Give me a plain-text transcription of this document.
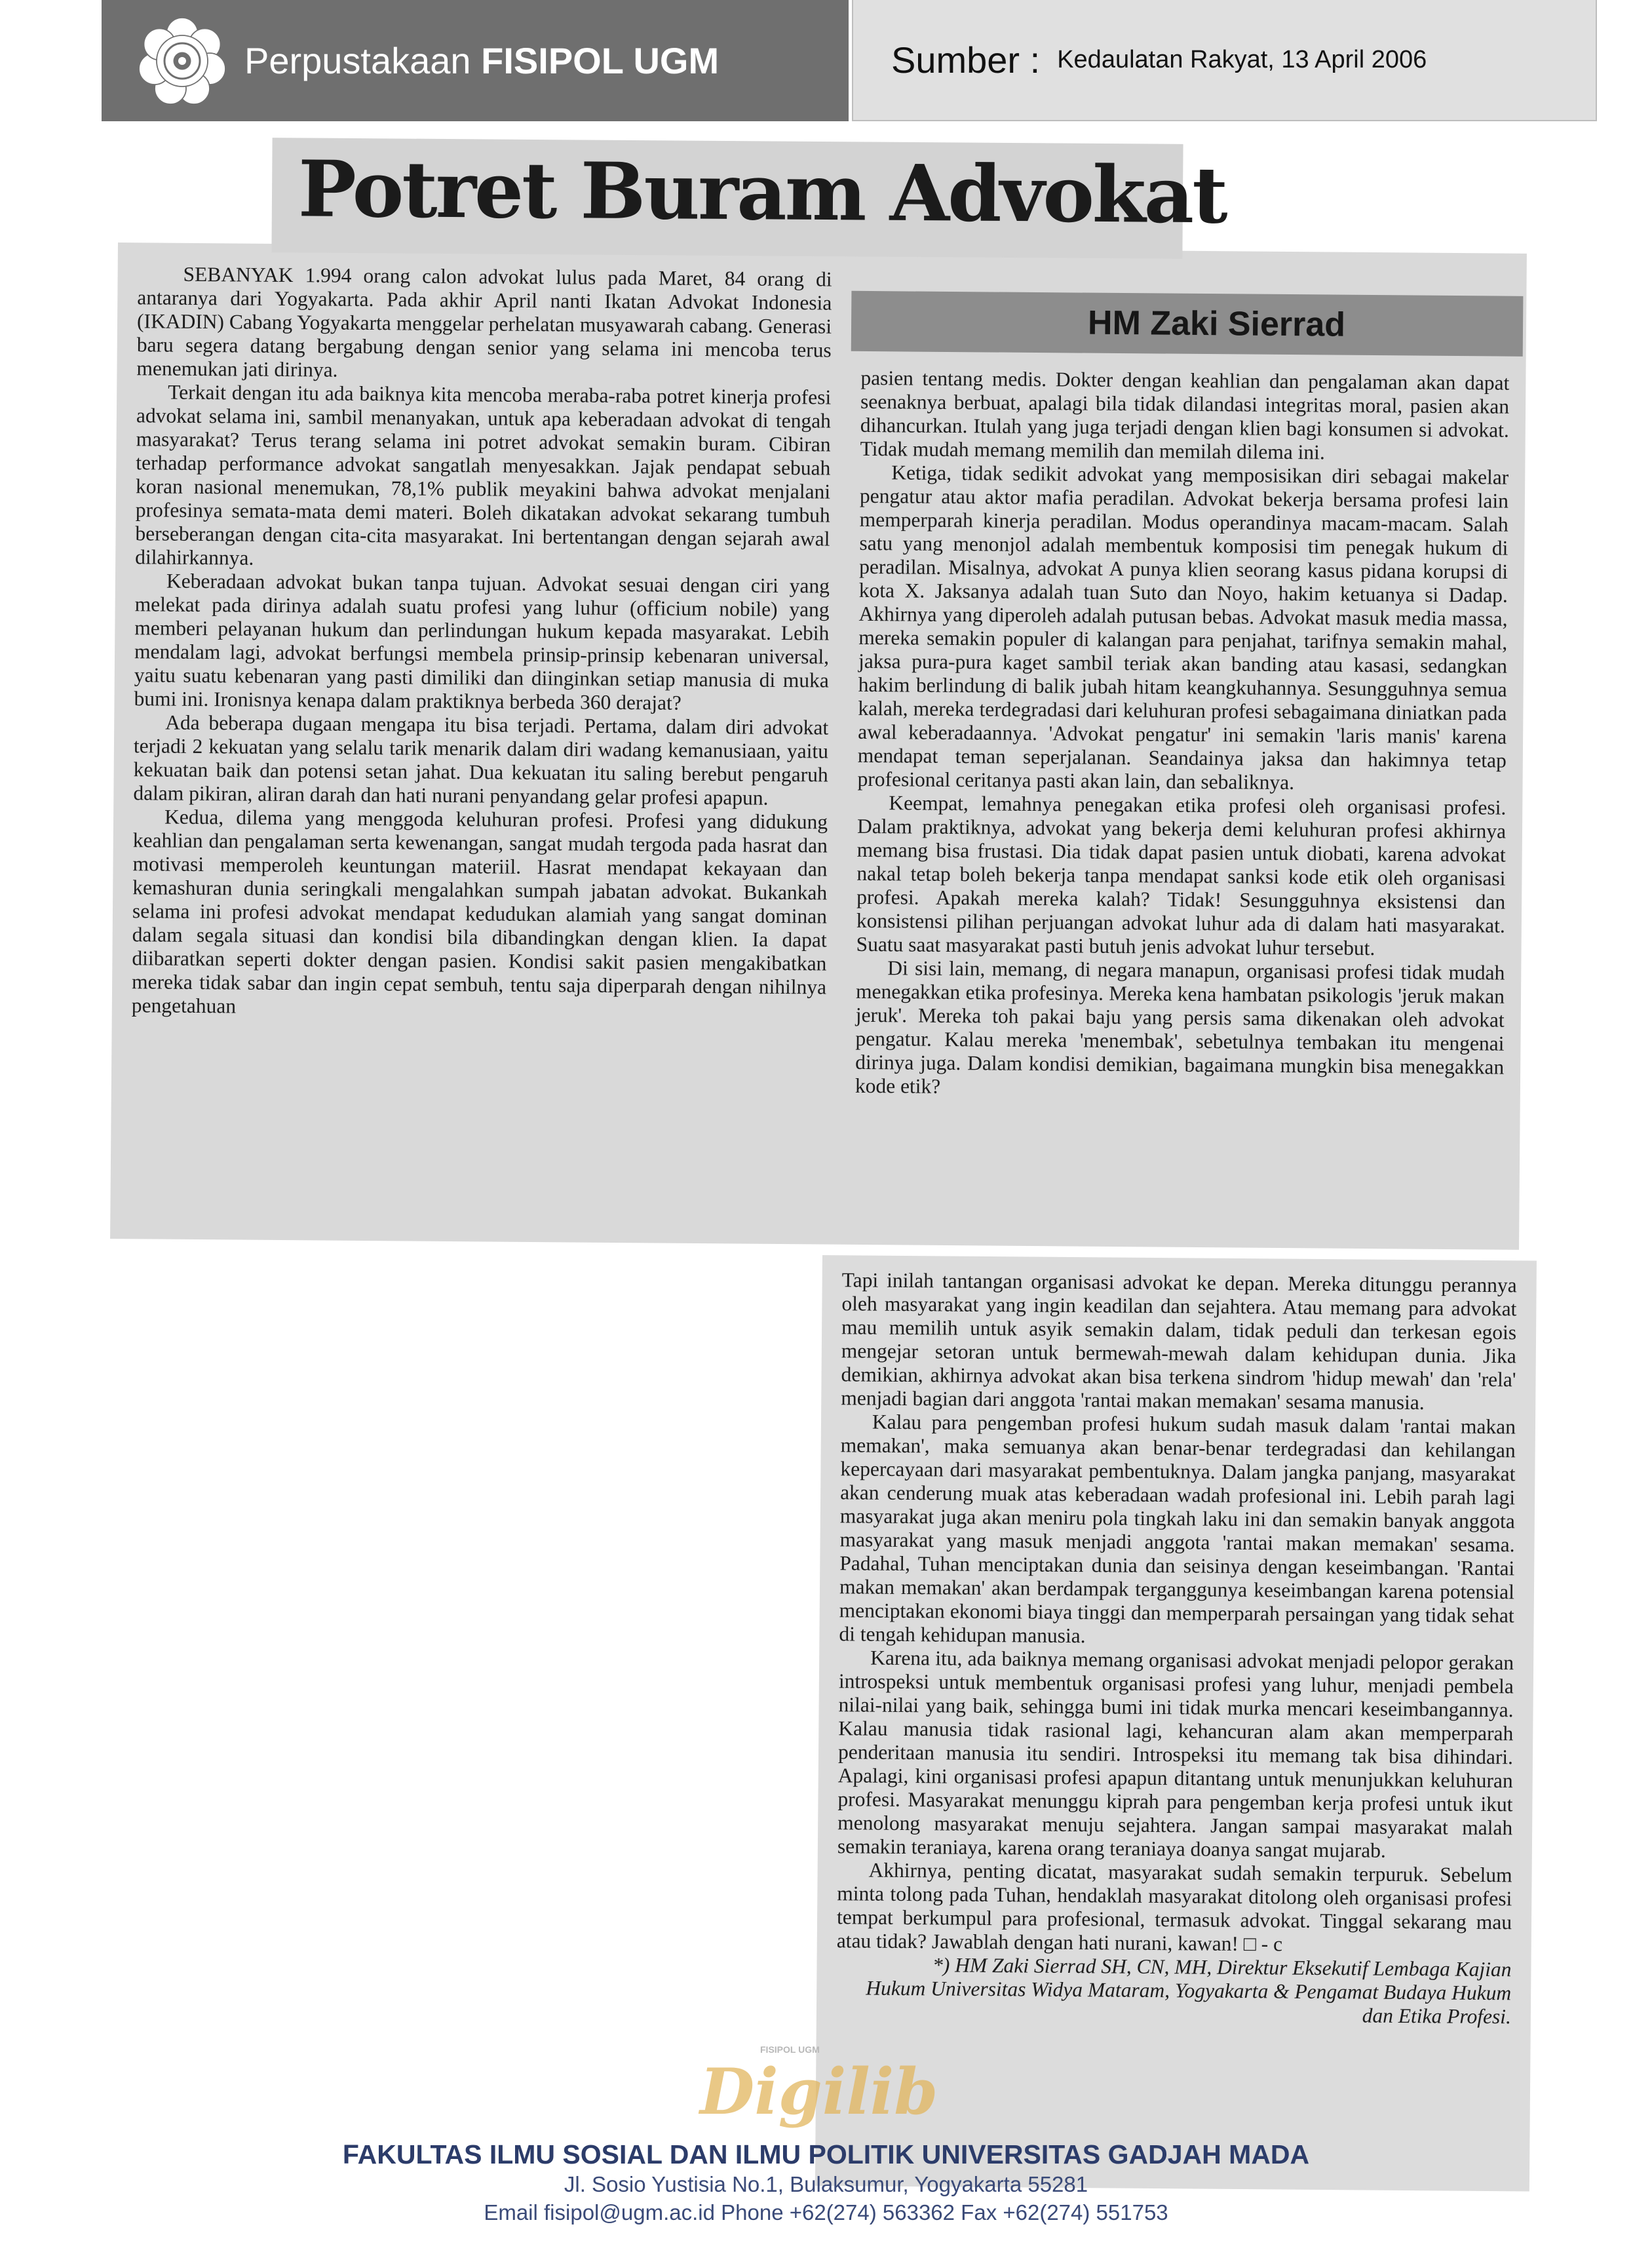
Perpustakaan FISIPOL UGM	Sumber : Kedaulatan Rakyat, 13 April 2006

SEBANYAK 1.994 orang calon advokat lulus pada Maret, 84 orang di antaranya dari Yogyakarta. Pada akhir April nanti Ikatan Advokat Indonesia (IKADIN) Cabang Yogyakarta menggelar perhelatan musyawarah cabang. Generasi baru segera datang bergabung dengan senior yang selama ini mencoba terus menemukan jati dirinya.

Terkait dengan itu ada baiknya kita mencoba meraba-raba potret kinerja profesi advokat selama ini, sambil menanyakan, untuk apa keberadaan advokat di tengah masyarakat? Terus terang selama ini potret advokat semakin buram. Cibiran terhadap performance advokat sangatlah menyesakkan. Jajak pendapat sebuah koran nasional menemukan, 78,1% publik meyakini bahwa advokat menjalani profesinya semata-mata demi materi. Boleh dikatakan advokat sekarang tumbuh berseberangan dengan cita-cita masyarakat. Ini bertentangan dengan sejarah awal dilahirkannya.

Keberadaan advokat bukan tanpa tujuan. Advokat sesuai dengan ciri yang melekat pada dirinya adalah suatu profesi yang luhur (officium nobile) yang memberi pelayanan hukum dan perlindungan hukum kepada masyarakat. Lebih mendalam lagi, advokat berfungsi membela prinsip-prinsip kebenaran universal, yaitu suatu kebenaran yang pasti dimiliki dan diinginkan setiap manusia di muka bumi ini. Ironisnya kenapa dalam praktiknya berbeda 360 derajat?

Ada beberapa dugaan mengapa itu bisa terjadi. Pertama, dalam diri advokat terjadi 2 kekuatan yang selalu tarik menarik dalam diri wadang kemanusiaan, yaitu kekuatan baik dan potensi setan jahat. Dua kekuatan itu saling berebut pengaruh dalam pikiran, aliran darah dan hati nurani penyandang gelar profesi apapun.

Kedua, dilema yang menggoda keluhuran profesi. Profesi yang didukung keahlian dan pengalaman serta kewenangan, sangat mudah tergoda pada hasrat dan motivasi memperoleh keuntungan materiil. Hasrat mendapat kekayaan dan kemashuran dunia seringkali mengalahkan sumpah jabatan advokat. Bukankah selama ini profesi advokat mendapat kedudukan alamiah yang sangat dominan dalam segala situasi dan kondisi bila dibandingkan dengan klien. Ia dapat diibaratkan seperti dokter dengan pasien. Kondisi sakit pasien mengakibatkan mereka tidak sabar dan ingin cepat sembuh, tentu saja diperparah dengan nihilnya pengetahuan

HM Zaki Sierrad

pasien tentang medis. Dokter dengan keahlian dan pengalaman akan dapat seenaknya berbuat, apalagi bila tidak dilandasi integritas moral, pasien akan dihancurkan. Itulah yang juga terjadi dengan klien bagi konsumen si advokat. Tidak mudah memang memilih dan memilah dilema ini.

Ketiga, tidak sedikit advokat yang memposisikan diri sebagai makelar pengatur atau aktor mafia peradilan. Advokat bekerja bersama profesi lain memperparah kinerja peradilan. Modus operandinya macam-macam. Salah satu yang menonjol adalah membentuk komposisi tim penegak hukum di peradilan. Misalnya, advokat A punya klien seorang kasus pidana korupsi di kota X. Jaksanya adalah tuan Suto dan Noyo, hakim ketuanya si Dadap. Akhirnya yang diperoleh adalah putusan bebas. Advokat masuk media massa, mereka semakin populer di kalangan para penjahat, tarifnya semakin mahal, jaksa pura-pura kaget sambil teriak akan banding atau kasasi, sedangkan hakim berlindung di balik jubah hitam keangkuhannya. Sesungguhnya semua kalah, mereka terdegradasi dari keluhuran profesi sebagaimana diniatkan pada awal keberadaannya. 'Advokat pengatur' ini semakin 'laris manis' karena mendapat teman seperjalanan. Seandainya jaksa dan hakimnya tetap profesional ceritanya pasti akan lain, dan sebaliknya.

Keempat, lemahnya penegakan etika profesi oleh organisasi profesi. Dalam praktiknya, advokat yang bekerja demi keluhuran profesi akhirnya memang bisa frustasi. Dia tidak dapat pasien untuk diobati, karena advokat nakal tetap boleh bekerja tanpa mendapat sanksi kode etik oleh organisasi profesi. Apakah mereka kalah? Tidak! Sesungguhnya eksistensi dan konsistensi pilihan perjuangan advokat luhur ada di dalam hati masyarakat. Suatu saat masyarakat pasti butuh jenis advokat luhur tersebut.

Di sisi lain, memang, di negara manapun, organisasi profesi tidak mudah menegakkan etika profesinya. Mereka kena hambatan psikologis 'jeruk makan jeruk'. Mereka toh pakai baju yang persis sama dikenakan oleh advokat pengatur. Kalau mereka 'menembak', sebetulnya tembakan itu mengenai dirinya juga. Dalam kondisi demikian, bagaimana mungkin bisa menegakkan kode etik?

Potret Buram Advokat

Tapi inilah tantangan organisasi advokat ke depan. Mereka ditunggu perannya oleh masyarakat yang ingin keadilan dan sejahtera. Atau memang para advokat mau memilih untuk asyik semakin dalam, tidak peduli dan terkesan egois mengejar setoran untuk bermewah-mewah dalam kehidupan dunia. Jika demikian, akhirnya advokat akan bisa terkena sindrom 'hidup mewah' dan 'rela' menjadi bagian dari anggota 'rantai makan memakan' sesama manusia.

Kalau para pengemban profesi hukum sudah masuk dalam 'rantai makan memakan', maka semuanya akan benar-benar terdegradasi dan kehilangan kepercayaan dari masyarakat pembentuknya. Dalam jangka panjang, masyarakat akan cenderung muak atas keberadaan wadah profesional ini. Lebih parah lagi masyarakat juga akan meniru pola tingkah laku ini dan semakin banyak anggota masyarakat yang masuk menjadi anggota 'rantai makan memakan' sesama. Padahal, Tuhan menciptakan dunia dan seisinya dengan keseimbangan. 'Rantai makan memakan' akan berdampak terganggunya keseimbangan karena potensial menciptakan ekonomi biaya tinggi dan memperparah persaingan yang tidak sehat di tengah kehidupan manusia.

Karena itu, ada baiknya memang organisasi advokat menjadi pelopor gerakan introspeksi untuk membentuk organisasi profesi yang luhur, menjadi pembela nilai-nilai yang baik, sehingga bumi ini tidak murka mencari keseimbangannya. Kalau manusia tidak rasional lagi, kehancuran alam akan memperparah penderitaan manusia itu sendiri. Introspeksi itu memang tak bisa dihindari. Apalagi, kini organisasi profesi apapun ditantang untuk menunjukkan keluhuran profesi. Masyarakat menunggu kiprah para pengemban kerja profesi untuk ikut menolong masyarakat menuju sejahtera. Jangan sampai masyarakat malah semakin teraniaya, karena orang teraniaya doanya sangat mujarab.

Akhirnya, penting dicatat, masyarakat sudah semakin terpuruk. Sebelum minta tolong pada Tuhan, hendaklah masyarakat ditolong oleh organisasi profesi tempat berkumpul para profesional, termasuk advokat. Tinggal sekarang mau atau tidak? Jawablah dengan hati nurani, kawan! □ - c

*) HM Zaki Sierrad SH, CN, MH, Direktur Eksekutif Lembaga Kajian Hukum Universitas Widya Mataram, Yogyakarta & Pengamat Budaya Hukum dan Etika Profesi.

FISIPOL UGM
Digilib
FAKULTAS ILMU SOSIAL DAN ILMU POLITIK UNIVERSITAS GADJAH MADA
Jl. Sosio Yustisia No.1, Bulaksumur, Yogyakarta 55281
Email fisipol@ugm.ac.id Phone +62(274) 563362 Fax +62(274) 551753
